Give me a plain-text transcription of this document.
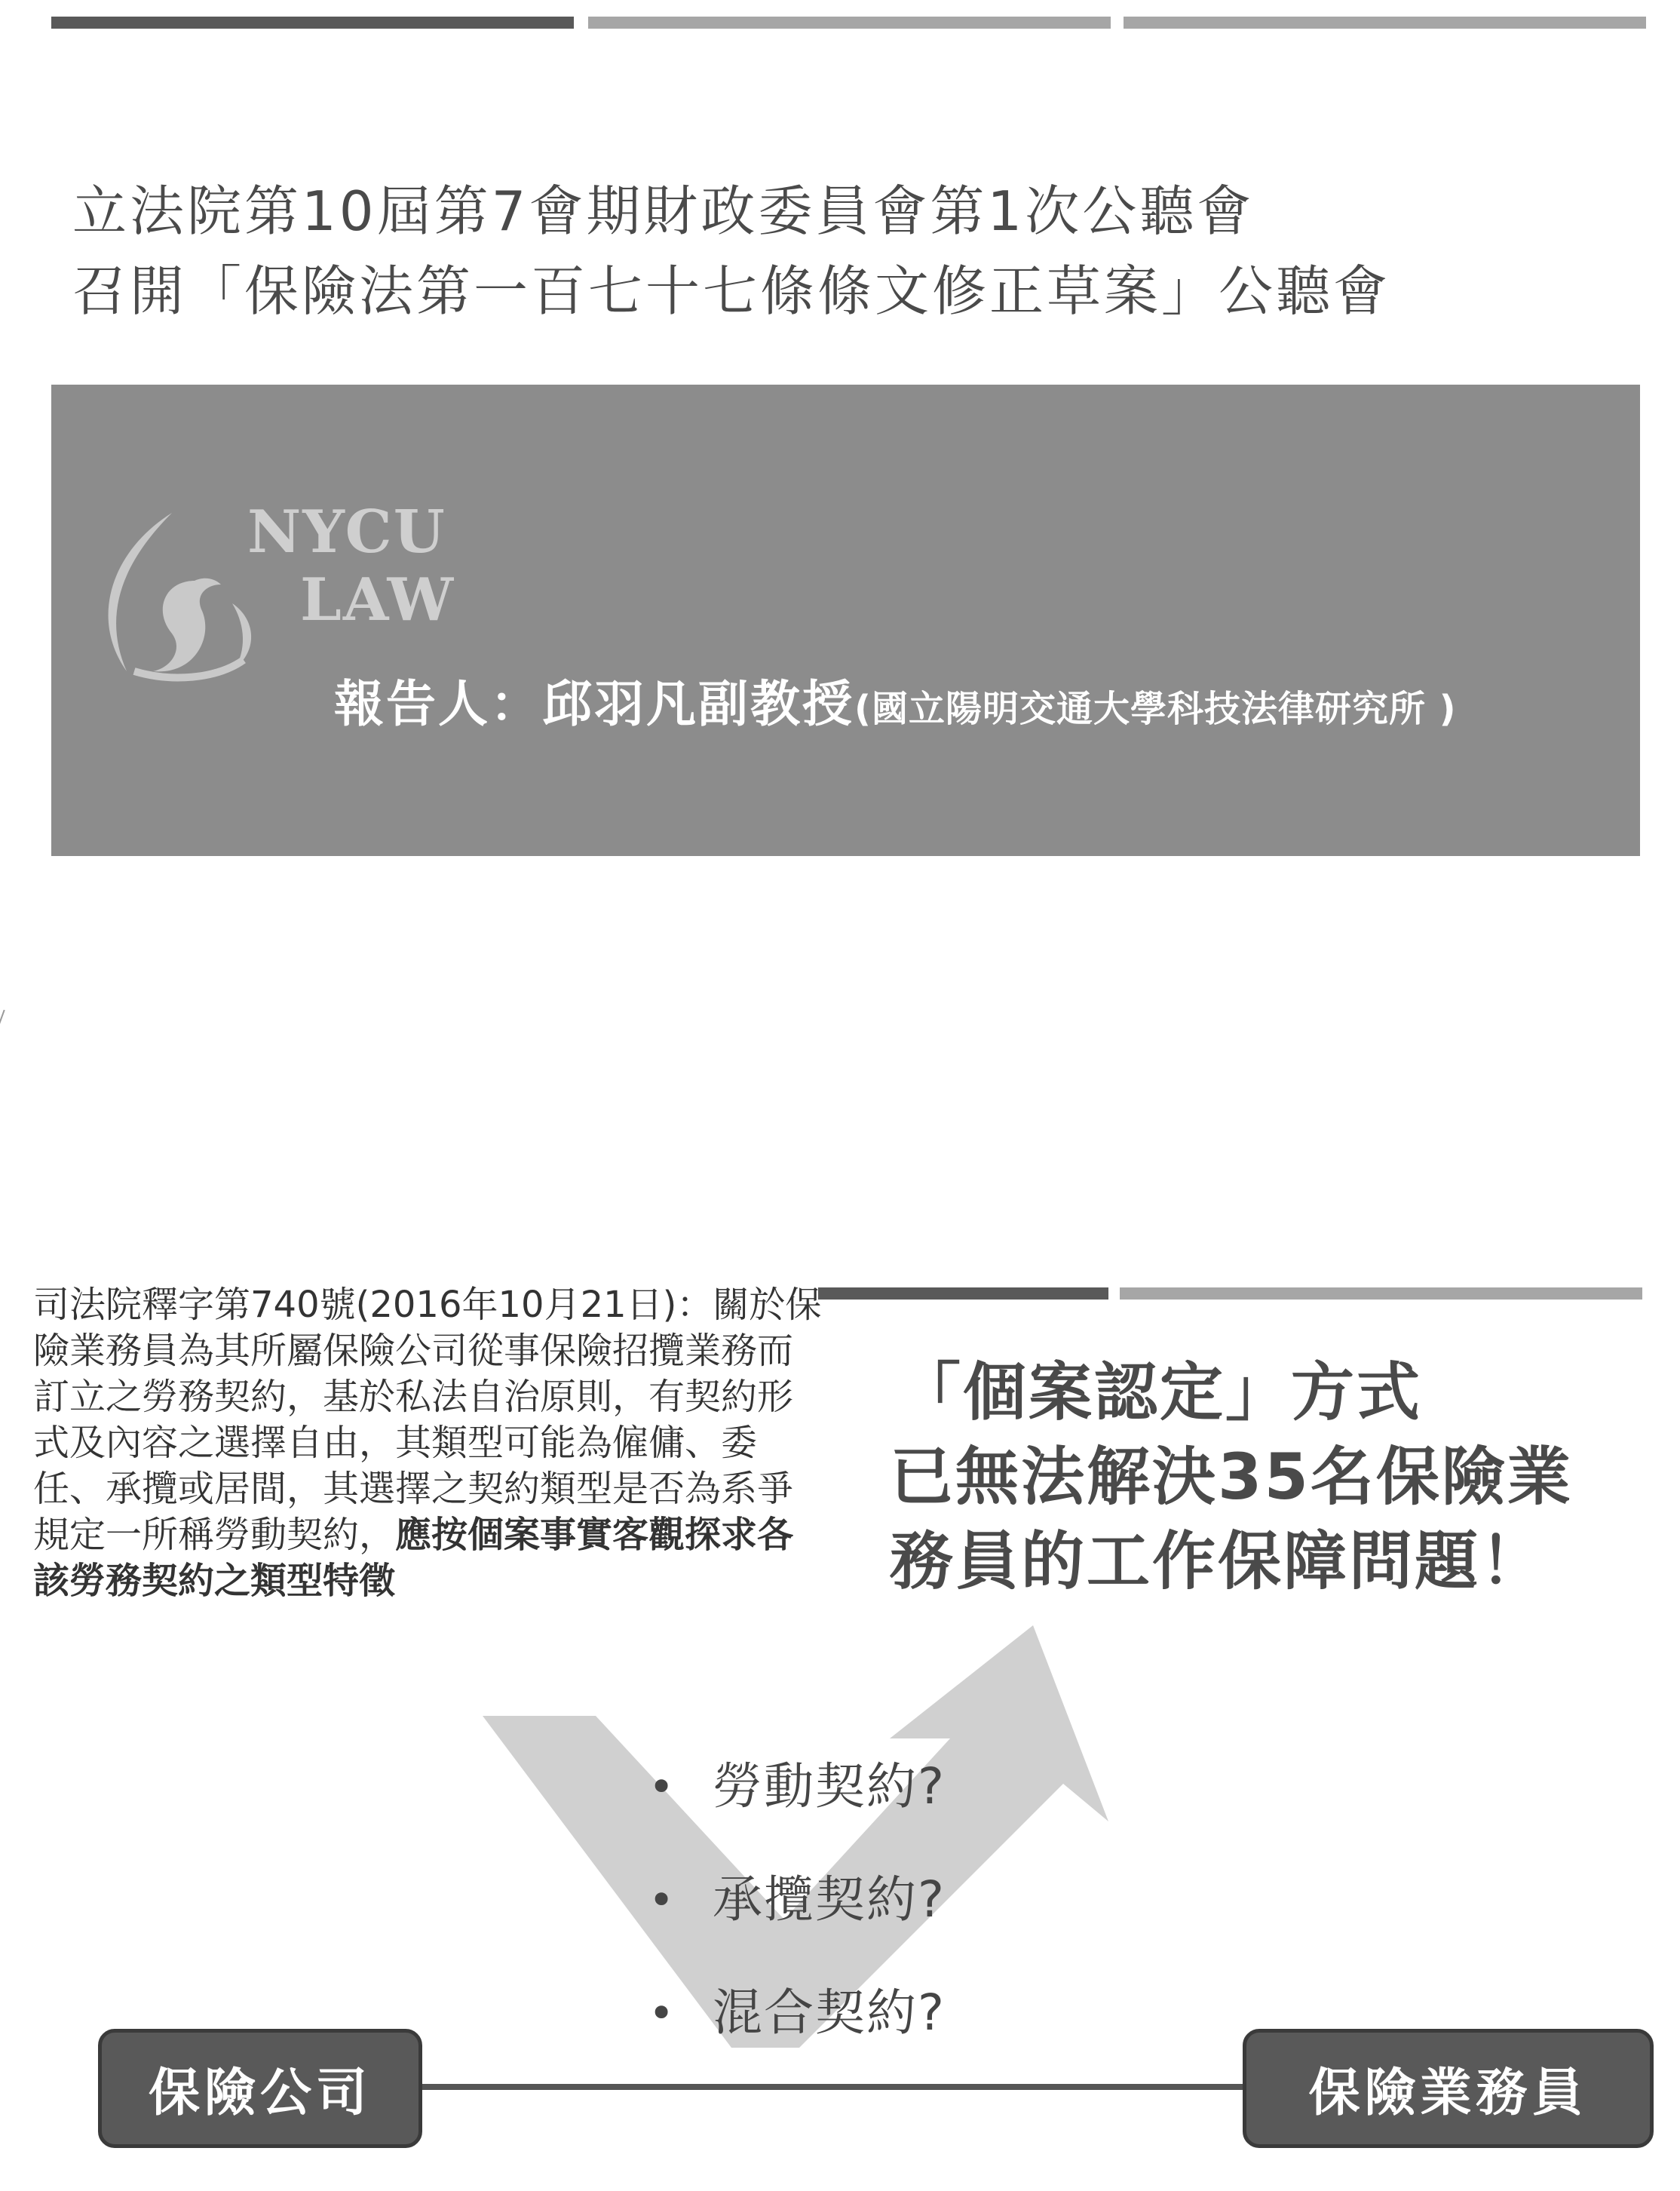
立法院第10屆第7會期財政委員會第1次公聽會
召開「保險法第一百七十七條條文修正草案」公聽會
NYCU
LAW
報告人：邱羽凡副教授(國立陽明交通大學科技法律研究所 )
司法院釋字第740號(2016年10月21日)：關於保險業務員為其所屬保險公司從事保險招攬業務而訂立之勞務契約，基於私法自治原則，有契約形式及內容之選擇自由，其類型可能為僱傭、委任、承攬或居間，其選擇之契約類型是否為系爭規定一所稱勞動契約，應按個案事實客觀探求各該勞務契約之類型特徵
「個案認定」方式
已無法解決35名保險業
務員的工作保障問題！
• 勞動契約?
• 承攬契約?
• 混合契約?
保險公司	保險業務員
